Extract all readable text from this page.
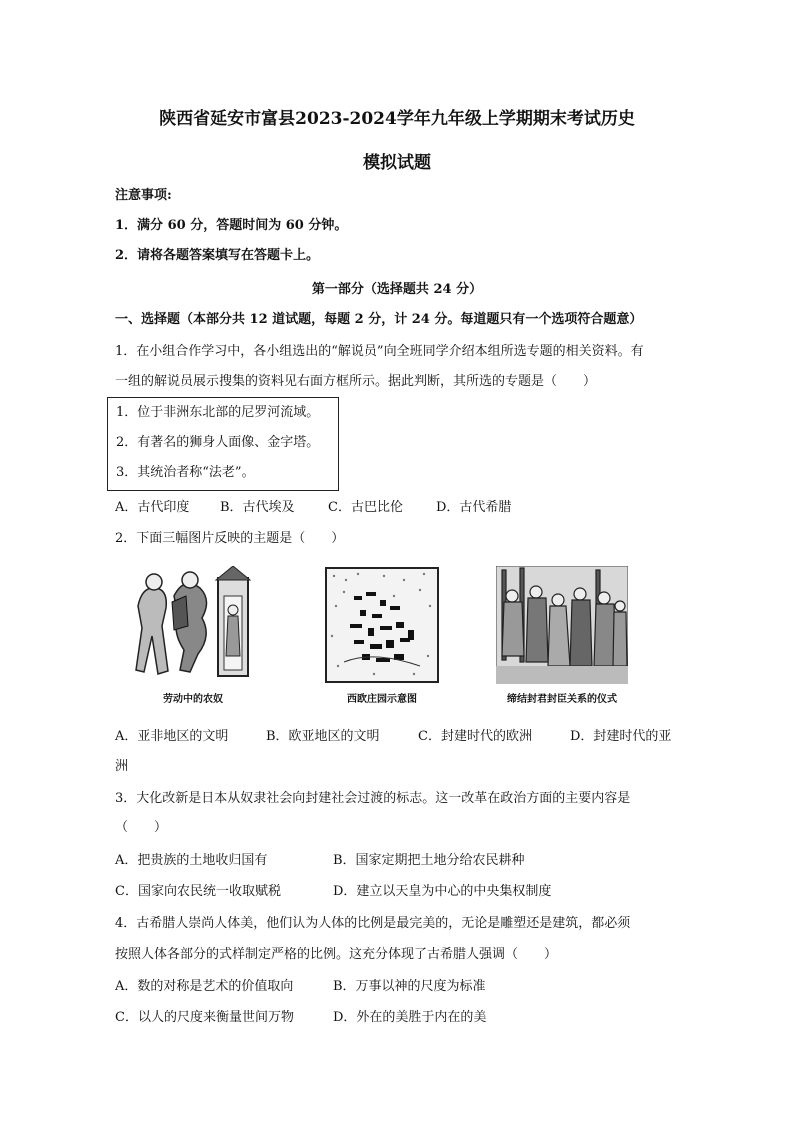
陕西省延安市富县2023-2024学年九年级上学期期末考试历史
模拟试题
注意事项:
1．满分 60 分，答题时间为 60 分钟。
2．请将各题答案填写在答题卡上。
第一部分（选择题共 24 分）
一、选择题（本部分共 12 道试题，每题 2 分，计 24 分。每道题只有一个选项符合题意）
1．在小组合作学习中，各小组选出的“解说员”向全班同学介绍本组所选专题的相关资料。有
一组的解说员展示搜集的资料见右面方框所示。据此判断，其所选的专题是（　　）
1．位于非洲东北部的尼罗河流域。
2．有著名的狮身人面像、金字塔。
3．其统治者称“法老”。
A．古代印度 B．古代埃及	C．古巴比伦	D．古代希腊
2．下面三幅图片反映的主题是（　　）
劳动中的农奴	西欧庄园示意图	缔结封君封臣关系的仪式
A．亚非地区的文明	B．欧亚地区的文明	C．封建时代的欧洲	D．封建时代的亚
洲
3．大化改新是日本从奴隶社会向封建社会过渡的标志。这一改革在政治方面的主要内容是
（　　）
A．把贵族的土地收归国有	B．国家定期把土地分给农民耕种
C．国家向农民统一收取赋税	D．建立以天皇为中心的中央集权制度
4．古希腊人崇尚人体美，他们认为人体的比例是最完美的，无论是雕塑还是建筑，都必须
按照人体各部分的式样制定严格的比例。这充分体现了古希腊人强调（　　）
A．数的对称是艺术的价值取向	B．万事以神的尺度为标准
C．以人的尺度来衡量世间万物	D．外在的美胜于内在的美
